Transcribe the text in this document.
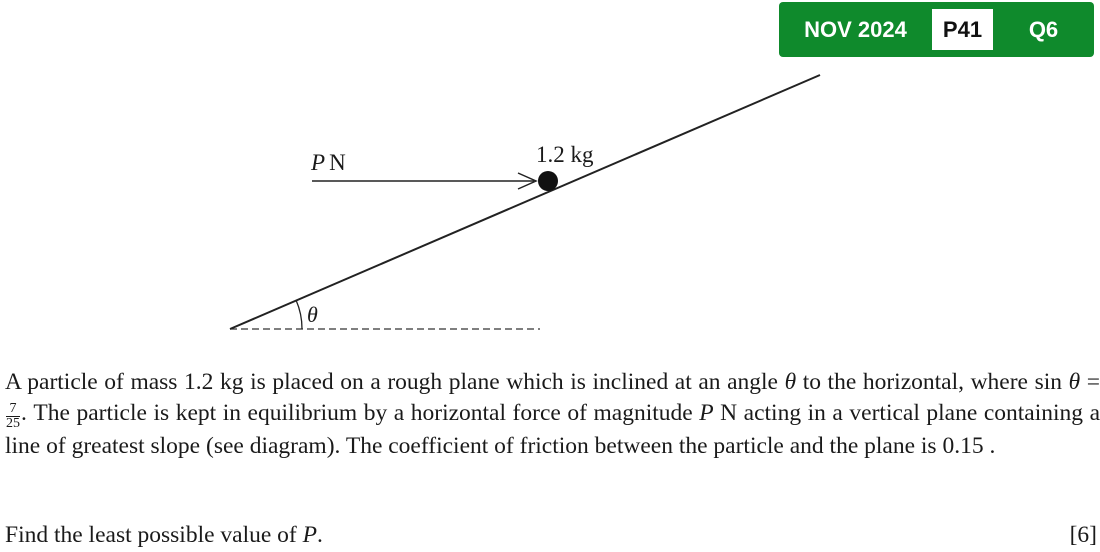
NOV 2024	P41	Q6
θ
P N	1.2 kg

A particle of mass 1.2 kg is placed on a rough plane which is inclined at an angle θ to the horizontal, where sin θ =
$\frac{7}{25}$ . The particle is kept in equilibrium by a horizontal force of magnitude P N acting in a vertical plane containing a line of greatest slope (see diagram). The coefficient of friction between the particle and the plane is 0.15 .

Find the least possible value of P.	[6]
